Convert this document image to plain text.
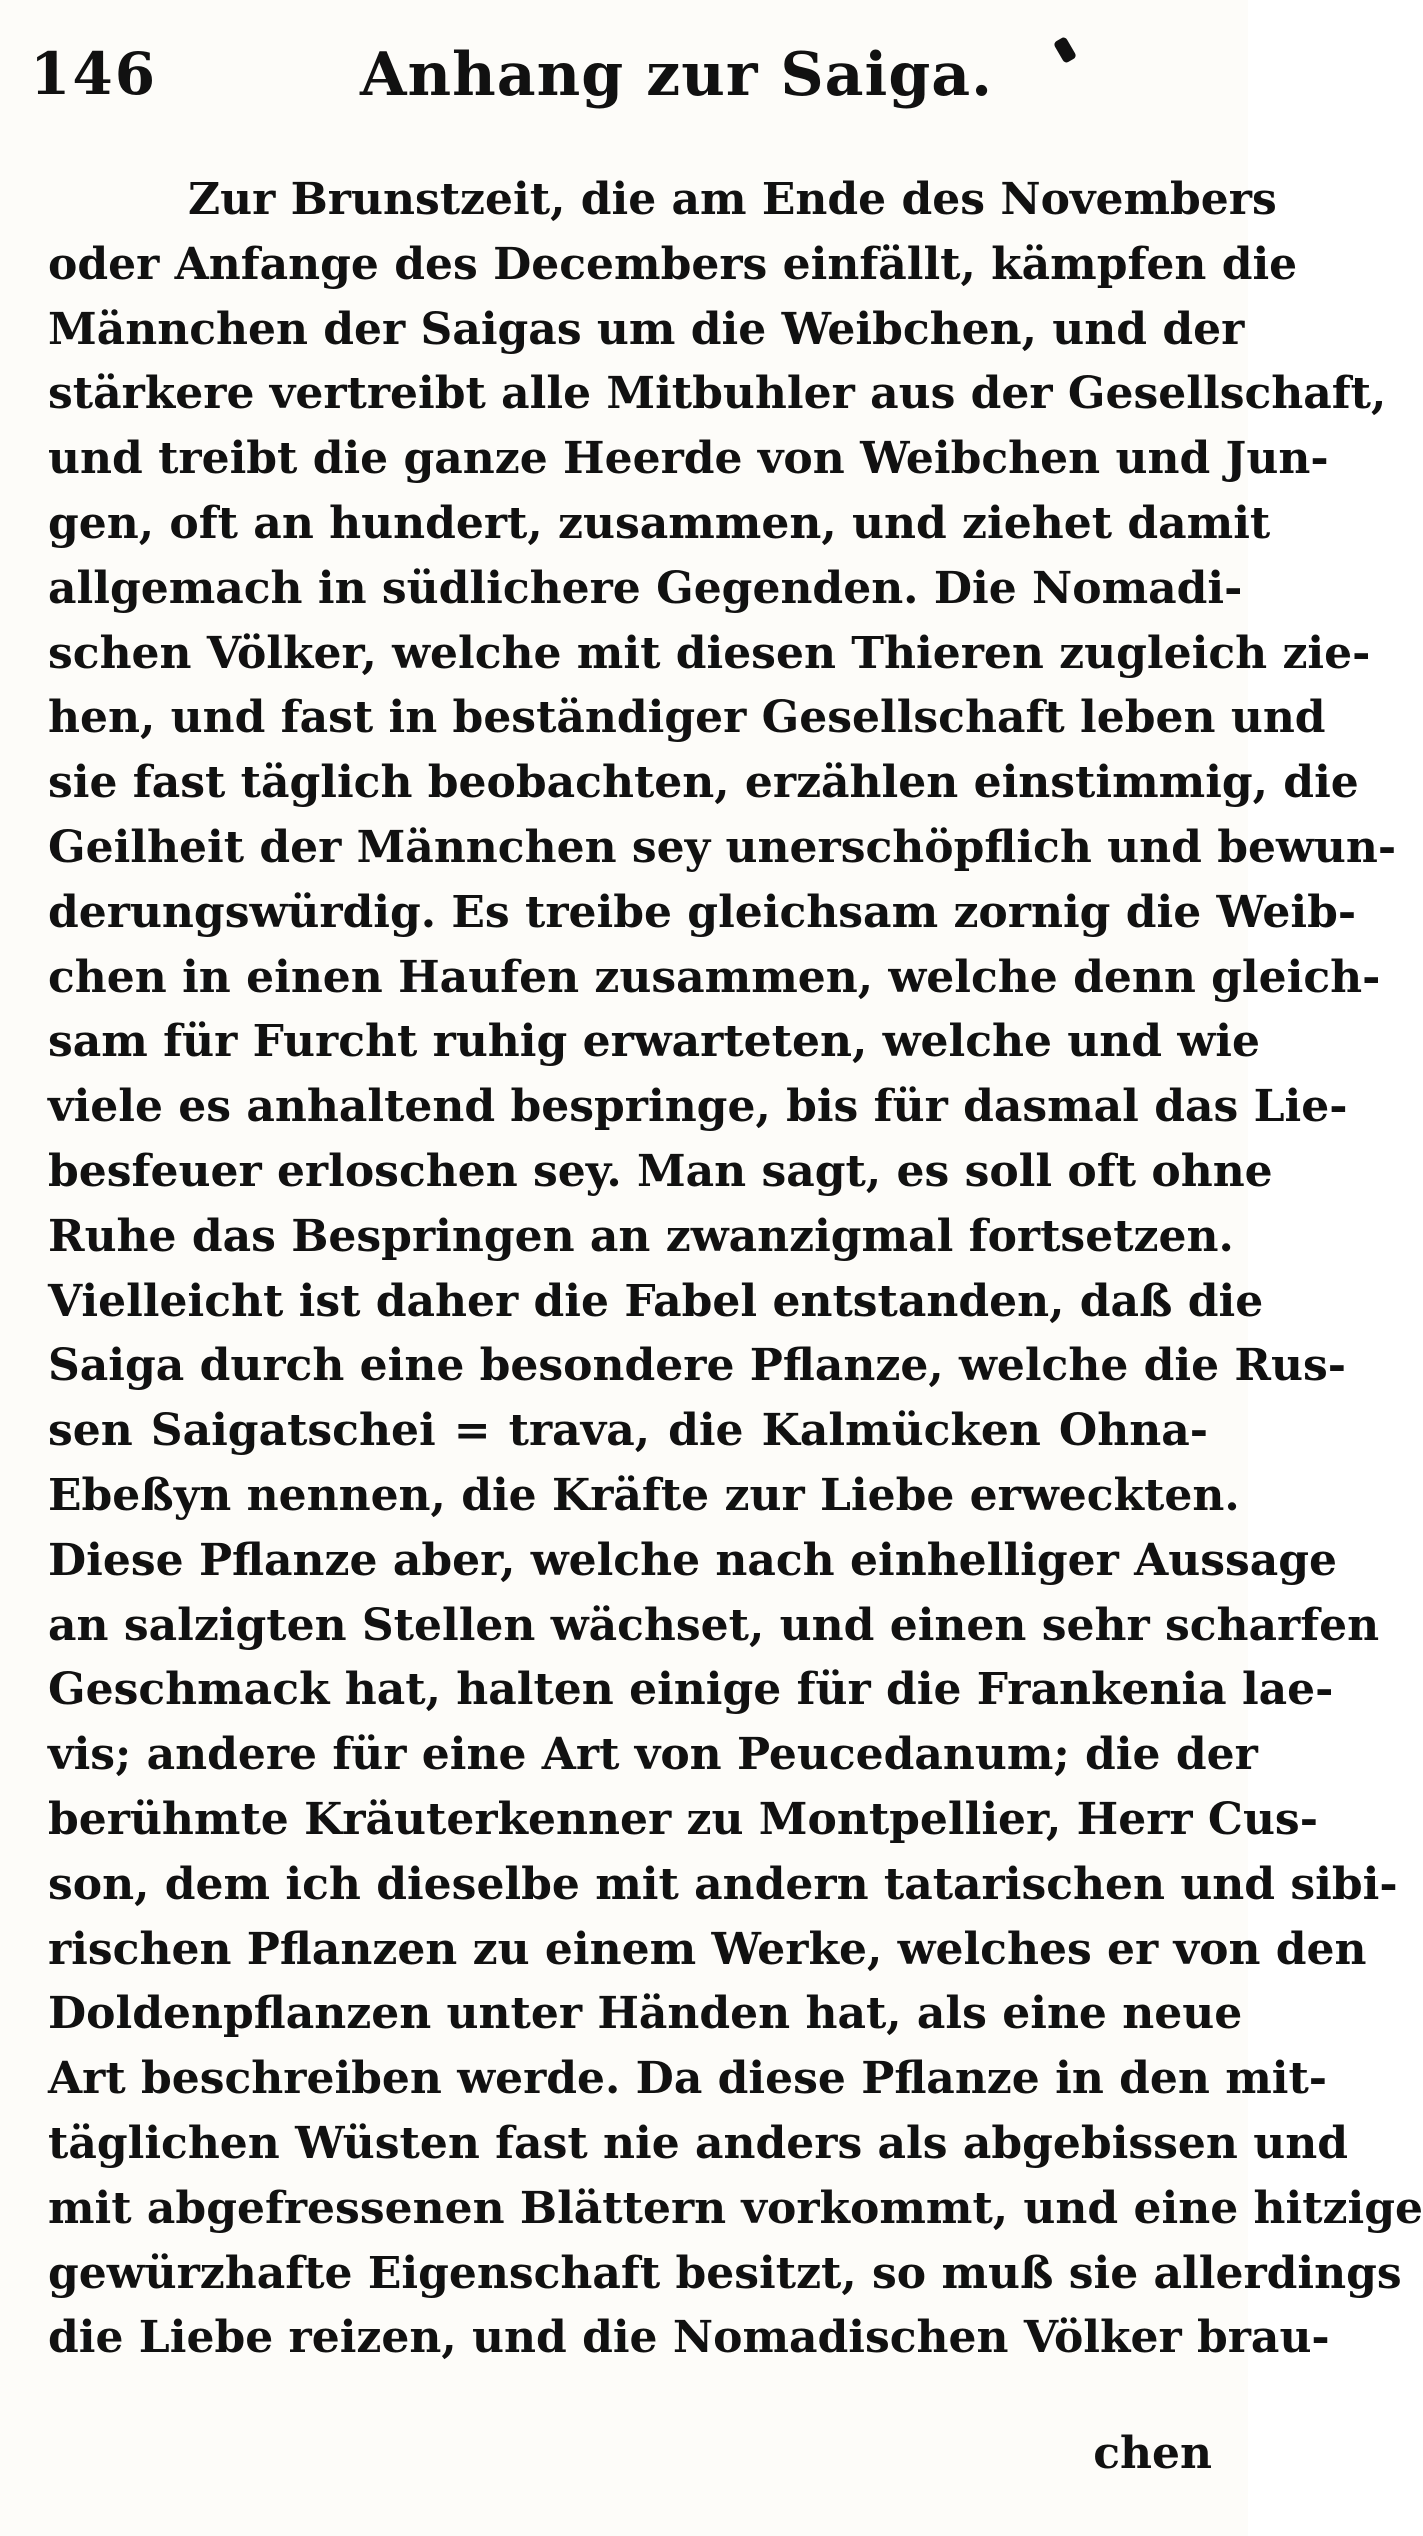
146	Anhang zur Saiga.
Zur Brunstzeit, die am Ende des Novembers
oder Anfange des Decembers einfällt, kämpfen die
Männchen der Saigas um die Weibchen, und der
stärkere vertreibt alle Mitbuhler aus der Gesellschaft,
und treibt die ganze Heerde von Weibchen und Jun-
gen, oft an hundert, zusammen, und ziehet damit
allgemach in südlichere Gegenden. Die Nomadi-
schen Völker, welche mit diesen Thieren zugleich zie-
hen, und fast in beständiger Gesellschaft leben und
sie fast täglich beobachten, erzählen einstimmig, die
Geilheit der Männchen sey unerschöpflich und bewun-
derungswürdig. Es treibe gleichsam zornig die Weib-
chen in einen Haufen zusammen, welche denn gleich-
sam für Furcht ruhig erwarteten, welche und wie
viele es anhaltend bespringe, bis für dasmal das Lie-
besfeuer erloschen sey. Man sagt, es soll oft ohne
Ruhe das Bespringen an zwanzigmal fortsetzen.
Vielleicht ist daher die Fabel entstanden, daß die
Saiga durch eine besondere Pflanze, welche die Rus-
sen Saigatschei = trava, die Kalmücken Ohna-
Ebeßyn nennen, die Kräfte zur Liebe erweckten.
Diese Pflanze aber, welche nach einhelliger Aussage
an salzigten Stellen wächset, und einen sehr scharfen
Geschmack hat, halten einige für die Frankenia lae-
vis; andere für eine Art von Peucedanum; die der
berühmte Kräuterkenner zu Montpellier, Herr Cus-
son, dem ich dieselbe mit andern tatarischen und sibi-
rischen Pflanzen zu einem Werke, welches er von den
Doldenpflanzen unter Händen hat, als eine neue
Art beschreiben werde. Da diese Pflanze in den mit-
täglichen Wüsten fast nie anders als abgebissen und
mit abgefressenen Blättern vorkommt, und eine hitzige
gewürzhafte Eigenschaft besitzt, so muß sie allerdings
die Liebe reizen, und die Nomadischen Völker brau-
chen
